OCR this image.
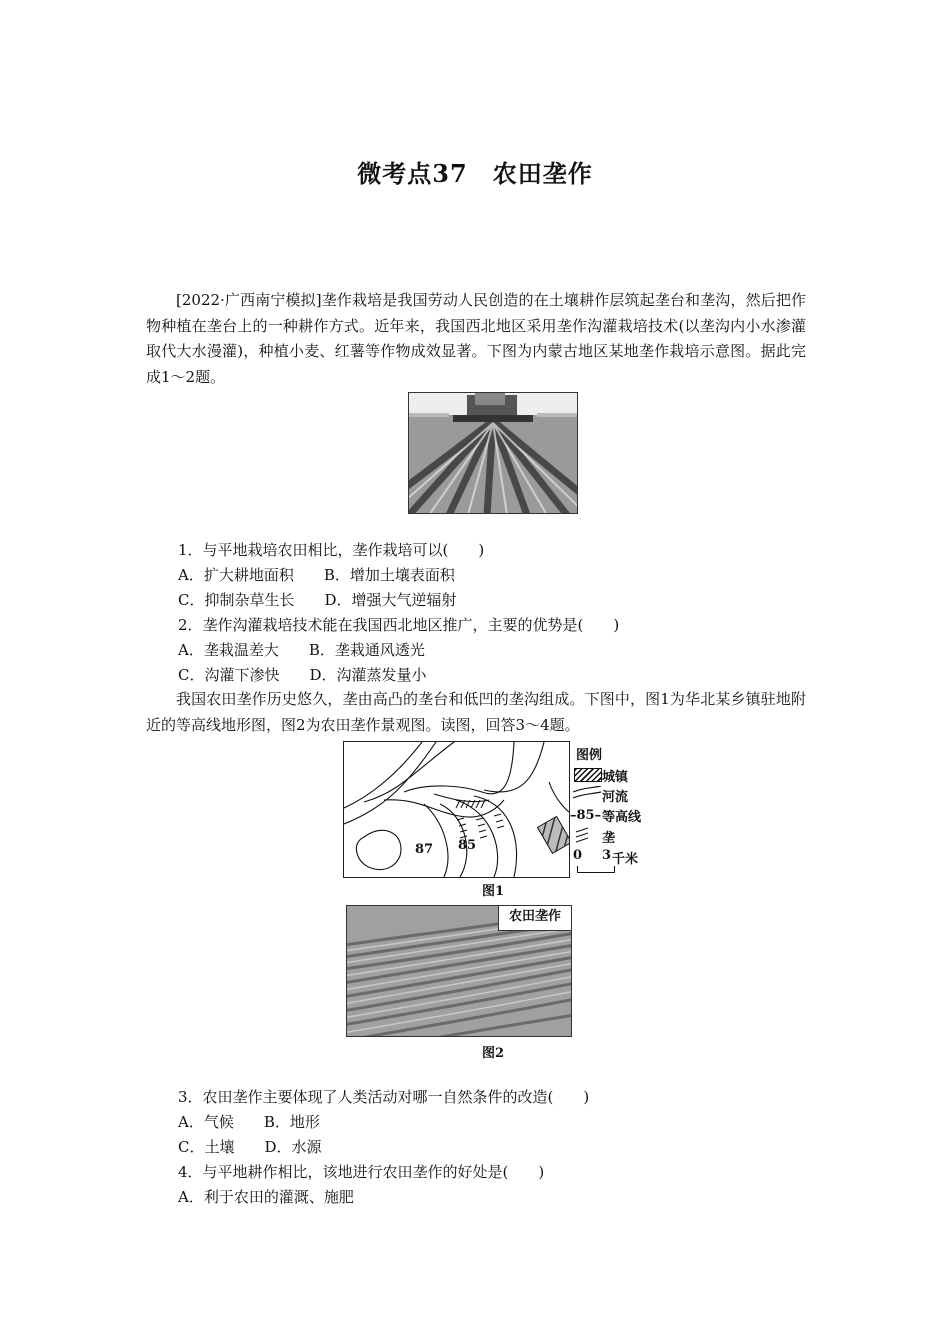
微考点37　农田垄作
[2022·广西南宁模拟]垄作栽培是我国劳动人民创造的在土壤耕作层筑起垄台和垄沟，然后把作物种植在垄台上的一种耕作方式。近年来，我国西北地区采用垄作沟灌栽培技术(以垄沟内小水渗灌取代大水漫灌)，种植小麦、红薯等作物成效显著。下图为内蒙古地区某地垄作栽培示意图。据此完成1～2题。
1．与平地栽培农田相比，垄作栽培可以(　　)
A．扩大耕地面积　　B．增加土壤表面积
C．抑制杂草生长　　D．增强大气逆辐射
2．垄作沟灌栽培技术能在我国西北地区推广，主要的优势是(　　)
A．垄栽温差大　　B．垄栽通风透光
C．沟灌下渗快　　D．沟灌蒸发量小
我国农田垄作历史悠久，垄由高凸的垄台和低凹的垄沟组成。下图中，图1为华北某乡镇驻地附近的等高线地形图，图2为农田垄作景观图。读图，回答3～4题。
87 85
图例
城镇
河流
–85– 等高线
垄
0 3 千米
图1
农田垄作
图2
3．农田垄作主要体现了人类活动对哪一自然条件的改造(　　)
A．气候　　B．地形
C．土壤　　D．水源
4．与平地耕作相比，该地进行农田垄作的好处是(　　)
A．利于农田的灌溉、施肥
